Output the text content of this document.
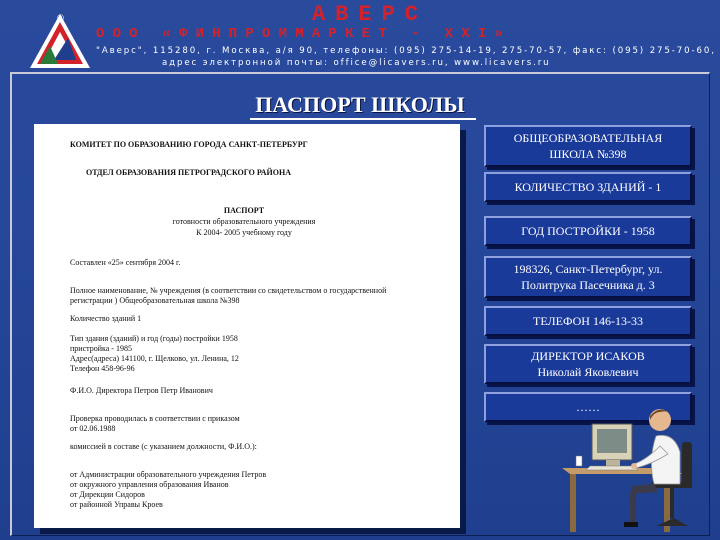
®	АВЕРС
ООО «ФИНПРОММАРКЕТ - XXI»
"Аверс", 115280, г. Москва, а/я 90, телефоны: (095) 275-14-19, 275-70-57, факс: (095) 275-70-60,
адрес электронной почты: office@licavers.ru, www.licavers.ru
ПАСПОРТ ШКОЛЫ
КОМИТЕТ ПО ОБРАЗОВАНИЮ ГОРОДА САНКТ-ПЕТЕРБУРГ
ОТДЕЛ ОБРАЗОВАНИЯ ПЕТРОГРАДСКОГО РАЙОНА
ПАСПОРТ
готовности образовательного учреждения
К 2004- 2005 учебному году
Составлен «25» сентября 2004 г.
Полное наименование, № учреждения (в соответствии со свидетельством о государственной
регистрации ) Общеобразовательная школа №398
Количество зданий 1
Тип здания (зданий) и год (годы) постройки 1958
пристройка - 1985
Адрес(адреса) 141100, г. Щелково, ул. Ленина, 12
Телефон 458-96-96
Ф.И.О. Директора Петров Петр Иванович
Проверка проводилась в соответствии с приказом
от 02.06.1988
комиссией в составе (с указанием должности, Ф.И.О.):
от Администрации образовательного учреждения Петров
от окружного управления образования Иванов
от Дирекции Сидоров
от районной Управы Кроев
ОБЩЕОБРАЗОВАТЕЛЬНАЯ
ШКОЛА №398
КОЛИЧЕСТВО ЗДАНИЙ - 1
ГОД ПОСТРОЙКИ - 1958
198326, Санкт-Петербург, ул.
Политрука Пасечника д. 3
ТЕЛЕФОН 146-13-33
ДИРЕКТОР ИСАКОВ
Николай Яковлевич
……
